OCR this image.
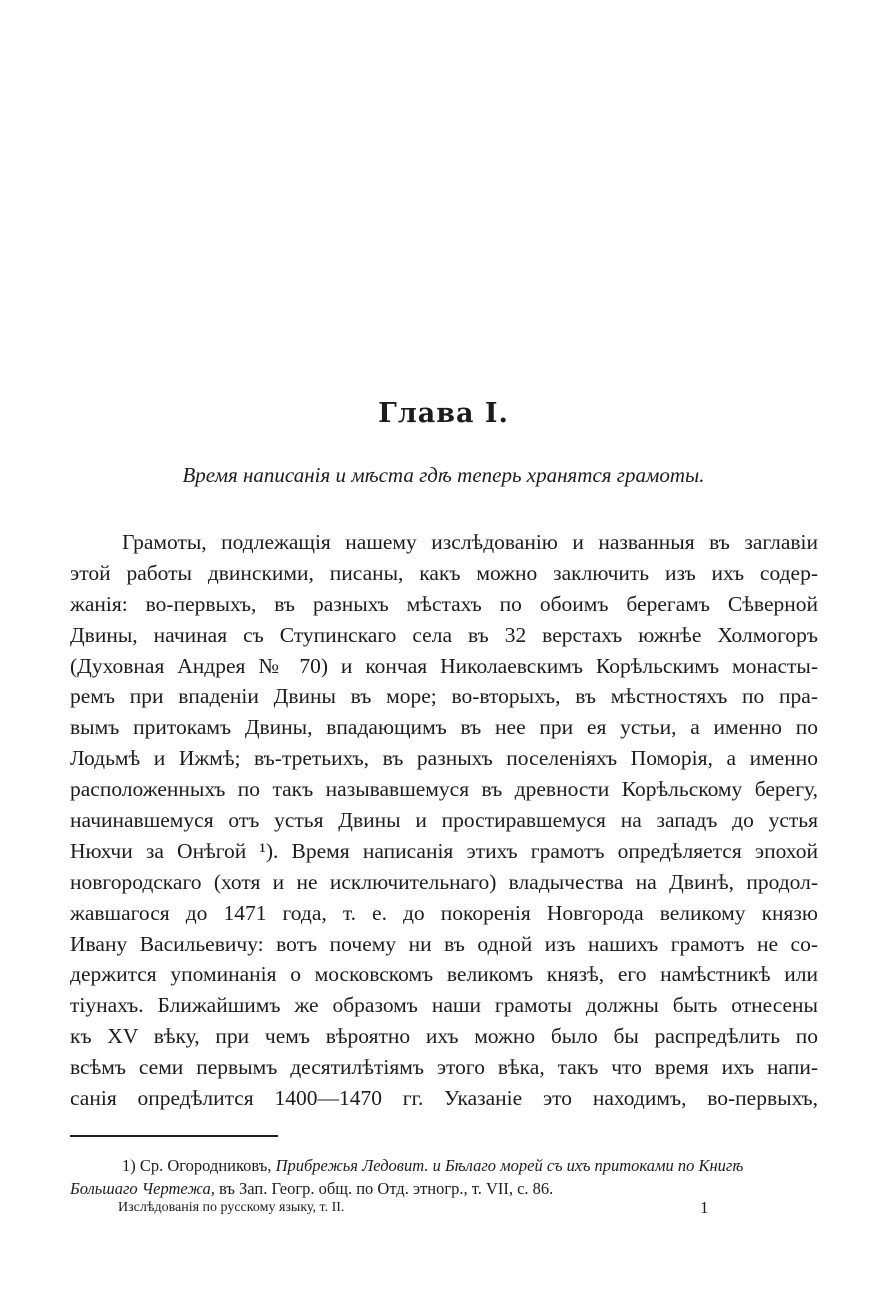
Глава I.

Время написанія и мѣста гдѣ теперь хранятся грамоты.

Грамоты, подлежащія нашему изслѣдованію и названныя въ заглавіи
этой работы двинскими, писаны, какъ можно заключить изъ ихъ содер-
жанія: во-первыхъ, въ разныхъ мѣстахъ по обоимъ берегамъ Сѣверной
Двины, начиная съ Ступинскаго села въ 32 верстахъ южнѣе Холмогоръ
(Духовная Андрея № 70) и кончая Николаевскимъ Корѣльскимъ монасты-
ремъ при впаденіи Двины въ море; во-вторыхъ, въ мѣстностяхъ по пра-
вымъ притокамъ Двины, впадающимъ въ нее при ея устьи, а именно по
Лодьмѣ и Ижмѣ; въ-третьихъ, въ разныхъ поселеніяхъ Поморія, а именно
расположенныхъ по такъ называвшемуся въ древности Корѣльскому берегу,
начинавшемуся отъ устья Двины и простиравшемуся на западъ до устья
Нюхчи за Онѣгой ¹). Время написанія этихъ грамотъ опредѣляется эпохой
новгородскаго (хотя и не исключительнаго) владычества на Двинѣ, продол-
жавшагося до 1471 года, т. е. до покоренія Новгорода великому князю
Ивану Васильевичу: вотъ почему ни въ одной изъ нашихъ грамотъ не со-
держится упоминанія о московскомъ великомъ князѣ, его намѣстникѣ или
тіунахъ. Ближайшимъ же образомъ наши грамоты должны быть отнесены
къ XV вѣку, при чемъ вѣроятно ихъ можно было бы распредѣлить по
всѣмъ семи первымъ десятилѣтіямъ этого вѣка, такъ что время ихъ напи-
санія опредѣлится 1400—1470 гг. Указаніе это находимъ, во-первыхъ,
1) Ср. Огородниковъ, Прибрежья Ледовит. и Бѣлаго морей съ ихъ притоками по Книгѣ
Большаго Чертежа, въ Зап. Геогр. общ. по Отд. этногр., т. VII, с. 86.
Изслѣдованія по русскому языку, т. II.	1
